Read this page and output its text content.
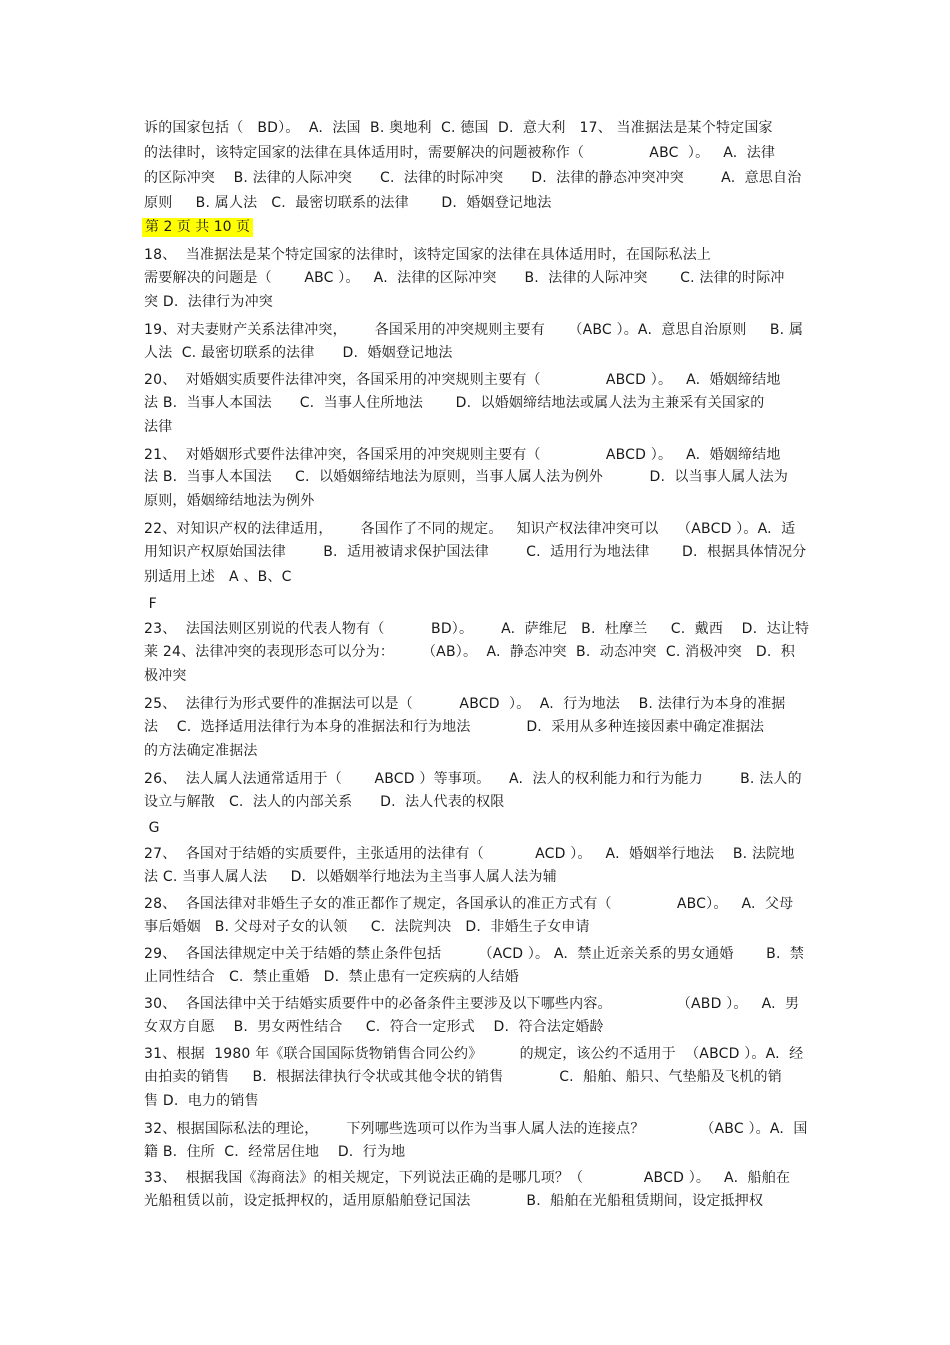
诉的国家包括（   BD）。  A.  法国  B. 奥地利  C. 德国  D.  意大利   17、 当准据法是某个特定国家
的法律时，该特定国家的法律在具体适用时，需要解决的问题被称作（              ABC  ）。   A.  法律
的区际冲突    B. 法律的人际冲突      C.  法律的时际冲突      D.  法律的静态冲突冲突        A.  意思自治
原则     B. 属人法   C.  最密切联系的法律       D.  婚姻登记地法
第 2 页 共 10 页
18、  当准据法是某个特定国家的法律时，该特定国家的法律在具体适用时，在国际私法上
需要解决的问题是（       ABC ）。   A.  法律的区际冲突      B.  法律的人际冲突       C. 法律的时际冲
突 D.  法律行为冲突
19、对夫妻财产关系法律冲突，      各国采用的冲突规则主要有     （ABC ）。A.  意思自治原则     B. 属
人法  C. 最密切联系的法律      D.  婚姻登记地法
20、  对婚姻实质要件法律冲突，各国采用的冲突规则主要有（              ABCD ）。   A.  婚姻缔结地
法 B.  当事人本国法      C.  当事人住所地法       D.  以婚姻缔结地法或属人法为主兼采有关国家的
法律
21、  对婚姻形式要件法律冲突，各国采用的冲突规则主要有（              ABCD ）。   A.  婚姻缔结地
法 B.  当事人本国法     C.  以婚姻缔结地法为原则，当事人属人法为例外          D.  以当事人属人法为
原则，婚姻缔结地法为例外
22、对知识产权的法律适用，      各国作了不同的规定。   知识产权法律冲突可以    （ABCD ）。A.  适
用知识产权原始国法律        B.  适用被请求保护国法律        C.  适用行为地法律       D.  根据具体情况分
别适用上述   A 、B、C
F
23、  法国法则区别说的代表人物有（          BD）。      A.  萨维尼   B.  杜摩兰     C.  戴西    D.  达让特
莱 24、法律冲突的表现形态可以分为：      （AB）。  A.  静态冲突  B.  动态冲突  C. 消极冲突   D.  积
极冲突
25、  法律行为形式要件的准据法可以是（          ABCD  ）。  A.  行为地法    B. 法律行为本身的准据
法    C.  选择适用法律行为本身的准据法和行为地法            D.  采用从多种连接因素中确定准据法
的方法确定准据法
26、  法人属人法通常适用于（       ABCD ）等事项。    A.  法人的权利能力和行为能力        B. 法人的
设立与解散   C.  法人的内部关系      D.  法人代表的权限
G
27、  各国对于结婚的实质要件，主张适用的法律有（           ACD ）。   A.  婚姻举行地法    B. 法院地
法 C. 当事人属人法     D.  以婚姻举行地法为主当事人属人法为辅
28、  各国法律对非婚生子女的准正都作了规定，各国承认的准正方式有（              ABC）。   A.  父母
事后婚姻   B. 父母对子女的认领     C.  法院判决   D.  非婚生子女申请
29、  各国法律规定中关于结婚的禁止条件包括        （ACD ）。 A.  禁止近亲关系的男女通婚       B.  禁
止同性结合   C.  禁止重婚   D.  禁止患有一定疾病的人结婚
30、  各国法律中关于结婚实质要件中的必备条件主要涉及以下哪些内容。              （ABD ）。   A.  男
女双方自愿    B.  男女两性结合     C.  符合一定形式    D.  符合法定婚龄
31、根据  1980 年《联合国国际货物销售合同公约》        的规定，该公约不适用于  （ABCD ）。A.  经
由拍卖的销售     B.  根据法律执行令状或其他令状的销售            C.  船舶、船只、气垫船及飞机的销
售 D.  电力的销售
32、根据国际私法的理论，      下列哪些选项可以作为当事人属人法的连接点？            （ABC ）。A.  国
籍 B.  住所  C.  经常居住地    D.  行为地
33、  根据我国《海商法》的相关规定，下列说法正确的是哪几项？（             ABCD ）。   A.  船舶在
光船租赁以前，设定抵押权的，适用原船舶登记国法            B.  船舶在光船租赁期间，设定抵押权
